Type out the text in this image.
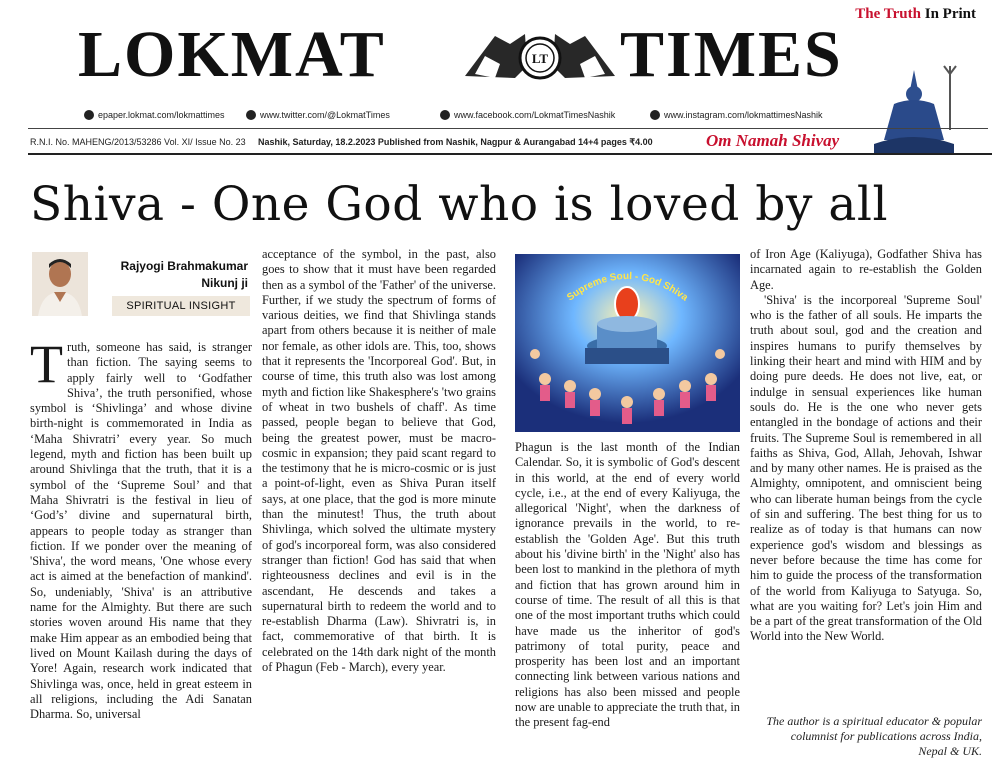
The Truth In Print
LOKMAT	LT TIMES
epaper.lokmat.com/lokmattimes	www.twitter.com/@LokmatTimes	www.facebook.com/LokmatTimesNashik	www.instagram.com/lokmattimesNashik
R.N.I. No. MAHENG/2013/53286 Vol. XI/ Issue No. 23 Nashik, Saturday, 18.2.2023 Published from Nashik, Nagpur & Aurangabad 14+4 pages ₹4.00	Om Namah Shivay
Shiva - One God who is loved by all
Rajyogi Brahmakumar
Nikunj ji
SPIRITUAL INSIGHT
T ruth, someone has said, is stranger than fiction. The saying seems to apply fairly well to ‘Godfather Shiva’, the truth personified, whose symbol is ‘Shivlinga’ and whose divine birth-night is commemorated in India as ‘Maha Shivratri’ every year. So much legend, myth and fiction has been built up around Shivlinga that the truth, that it is a symbol of the ‘Supreme Soul’ and that Maha Shivratri is the festival in lieu of ‘God’s’ divine and supernatural birth, appears to people today as stranger than fiction. If we ponder over the meaning of 'Shiva', the word means, 'One whose every act is aimed at the benefaction of mankind'. So, undeniably, 'Shiva' is an attributive name for the Almighty. But there are such stories woven around His name that they make Him appear as an embodied being that lived on Mount Kailash during the days of Yore! Again, research work indicated that Shivlinga was, once, held in great esteem in all religions, including the Adi Sanatan Dharma. So, universal

acceptance of the symbol, in the past, also goes to show that it must have been regarded then as a symbol of the 'Father' of the universe. Further, if we study the spectrum of forms of various deities, we find that Shivlinga stands apart from others because it is neither of male nor female, as other idols are. This, too, shows that it represents the 'Incorporeal God'. But, in course of time, this truth also was lost among myth and fiction like Shakesphere's 'two grains of wheat in two bushels of chaff'. As time passed, people began to believe that God, being the greatest power, must be macro-cosmic in expansion; they paid scant regard to the testimony that he is micro-cosmic or is just a point-of-light, even as Shiva Puran itself says, at one place, that the god is more minute than the minutest! Thus, the truth about Shivlinga, which solved the ultimate mystery of god's incorporeal form, was also considered stranger than fiction! God has said that when righteousness declines and evil is in the ascendant, He descends and takes a supernatural birth to redeem the world and to re-establish Dharma (Law). Shivratri is, in fact, commemorative of that birth. It is celebrated on the 14th dark night of the month of Phagun (Feb - March), every year.

Supreme Soul - God Shiva

Phagun is the last month of the Indian Calendar. So, it is symbolic of God's descent in this world, at the end of every world cycle, i.e., at the end of every Kaliyuga, the allegorical 'Night', when the darkness of ignorance prevails in the world, to re-establish the 'Golden Age'. But this truth about his 'divine birth' in the 'Night' also has been lost to mankind in the plethora of myth and fiction that has grown around him in course of time. The result of all this is that one of the most important truths which could have made us the inheritor of god's patrimony of total purity, peace and prosperity has been lost and an important connecting link between various nations and religions has also been missed and people now are unable to appreciate the truth that, in the present fag-end

of Iron Age (Kaliyuga), Godfather Shiva has incarnated again to re-establish the Golden Age.

'Shiva' is the incorporeal 'Supreme Soul' who is the father of all souls. He imparts the truth about soul, god and the creation and inspires humans to purify themselves by linking their heart and mind with HIM and by doing pure deeds. He does not live, eat, or indulge in sensual experiences like human souls do. He is the one who never gets entangled in the bondage of actions and their fruits. The Supreme Soul is remembered in all faiths as Shiva, God, Allah, Jehovah, Ishwar and by many other names. He is praised as the Almighty, omnipotent, and omniscient being who can liberate human beings from the cycle of sin and suffering. The best thing for us to realize as of today is that humans can now experience god's wisdom and blessings as never before because the time has come for him to guide the process of the transformation of the world from Kaliyuga to Satyuga. So, what are you waiting for? Let's join Him and be a part of the great transformation of the Old World into the New World.

The author is a spiritual educator & popular columnist for publications across India, Nepal & UK.
